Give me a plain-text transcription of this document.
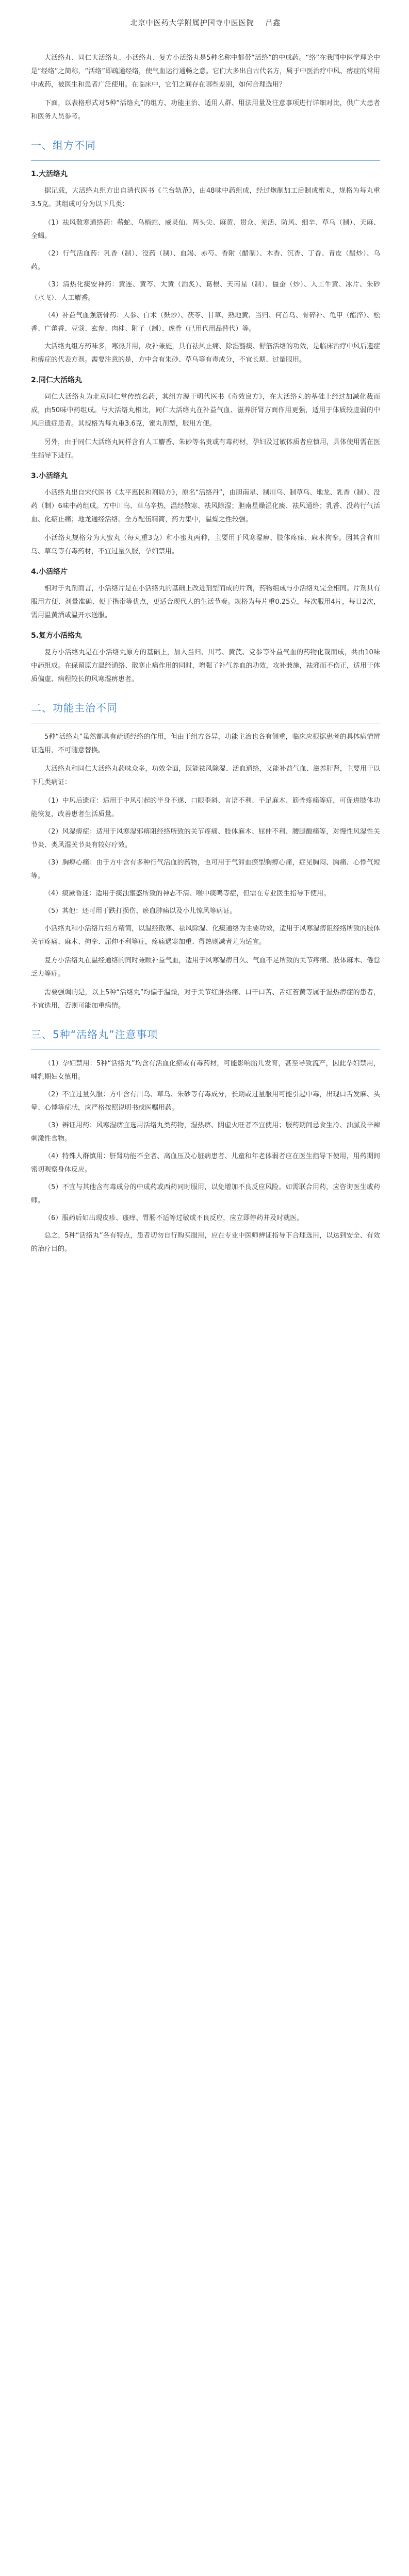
北京中医药大学附属护国寺中医医院 吕鑫

大活络丸、同仁大活络丸、小活络丸、复方小活络丸是5种名称中都带“活络”的中成药。“络”在我国中医学理论中是“经络”之简称，“活络”即疏通经络，使气血运行通畅之意。它们大多出自古代名方，属于中医治疗中风、痹症的常用中成药，被医生和患者广泛使用。在临床中，它们之间存在哪些差别，如何合理选用？

下面，以表格形式对5种“活络丸”的组方、功能主治、适用人群、用法用量及注意事项进行详细对比，供广大患者和医务人员参考。

一、组方不同
1.大活络丸

据记载，大活络丸组方出自清代医书《兰台轨范》，由48味中药组成，经过炮制加工后制成蜜丸，规格为每丸重3.5克。其组成可分为以下几类：

（1）祛风散寒通络药：蕲蛇、乌梢蛇、威灵仙、两头尖、麻黄、贯众、羌活、防风、细辛、草乌（制）、天麻、全蝎。
（2）行气活血药：乳香（制）、没药（制）、血竭、赤芍、香附（醋制）、木香、沉香、丁香、青皮（醋炒）、乌药。
（3）清热化痰安神药：黄连、黄芩、大黄（酒炙）、葛根、天南星（制）、僵蚕（炒）、人工牛黄、冰片、朱砂（水飞）、人工麝香。
（4）补益气血强筋骨药：人参、白术（麸炒）、茯苓、甘草、熟地黄、当归、何首乌、骨碎补、龟甲（醋淬）、松香、广藿香、豆蔻、玄参、肉桂、附子（制）、虎骨（已用代用品替代）等。

大活络丸组方药味多，寒热并用，攻补兼施，具有祛风止痛、除湿豁痰、舒筋活络的功效，是临床治疗中风后遗症和痹症的代表方剂。需要注意的是，方中含有朱砂、草乌等有毒成分，不宜长期、过量服用。

2.同仁大活络丸

同仁大活络丸为北京同仁堂传统名药，其组方源于明代医书《奇效良方》，在大活络丸的基础上经过加减化裁而成，由50味中药组成。与大活络丸相比，同仁大活络丸在补益气血、滋养肝肾方面作用更强，适用于体质较虚弱的中风后遗症患者。其规格为每丸重3.6克，蜜丸剂型，服用方便。

另外，由于同仁大活络丸同样含有人工麝香、朱砂等名贵或有毒药材，孕妇及过敏体质者应慎用，具体使用需在医生指导下进行。

3.小活络丸

小活络丸出自宋代医书《太平惠民和剂局方》，原名“活络丹”，由胆南星、制川乌、制草乌、地龙、乳香（制）、没药（制）6味中药组成。方中川乌、草乌辛热，温经散寒、祛风除湿；胆南星燥湿化痰、祛风通络；乳香、没药行气活血、化瘀止痛；地龙通经活络。全方配伍精简，药力集中，温燥之性较强。

小活络丸规格分为大蜜丸（每丸重3克）和小蜜丸两种，主要用于风寒湿痹、肢体疼痛、麻木拘挛。因其含有川乌、草乌等有毒药材，不宜过量久服，孕妇禁用。

4.小活络片

相对于丸剂而言，小活络片是在小活络丸的基础上改进剂型而成的片剂，药物组成与小活络丸完全相同。片剂具有服用方便、剂量准确、便于携带等优点，更适合现代人的生活节奏。规格为每片重0.25克，每次服用4片，每日2次，需用温黄酒或温开水送服。

5.复方小活络丸

复方小活络丸是在小活络丸原方的基础上，加入当归、川芎、黄芪、党参等补益气血的药物化裁而成，共由10味中药组成。在保留原方温经通络、散寒止痛作用的同时，增强了补气养血的功效，攻补兼施，祛邪而不伤正，适用于体质偏虚、病程较长的风寒湿痹患者。

二、功能主治不同

5种“活络丸”虽然都具有疏通经络的作用，但由于组方各异，功能主治也各有侧重，临床应根据患者的具体病情辨证选用，不可随意替换。

大活络丸和同仁大活络丸药味众多，功效全面，既能祛风除湿、活血通络，又能补益气血、滋养肝肾，主要用于以下几类病证：

（1）中风后遗症：适用于中风引起的半身不遂、口眼歪斜、言语不利、手足麻木、筋骨疼痛等症，可促进肢体功能恢复，改善患者生活质量。
（2）风湿痹症：适用于风寒湿邪痹阻经络所致的关节疼痛、肢体麻木、屈伸不利、腰腿酸痛等，对慢性风湿性关节炎、类风湿关节炎有较好疗效。
（3）胸痹心痛：由于方中含有多种行气活血的药物，也可用于气滞血瘀型胸痹心痛，症见胸闷、胸痛、心悸气短等。
（4）痰厥昏迷：适用于痰浊壅盛所致的神志不清、喉中痰鸣等症，但需在专业医生指导下使用。
（5）其他：还可用于跌打损伤、瘀血肿痛以及小儿惊风等病证。

小活络丸和小活络片组方精简，以温经散寒、祛风除湿、化痰通络为主要功效，适用于风寒湿痹阻经络所致的肢体关节疼痛、麻木、拘挛、屈伸不利等症，疼痛遇寒加重、得热则减者尤为适宜。

复方小活络丸在温经通络的同时兼顾补益气血，适用于风寒湿痹日久、气血不足所致的关节疼痛、肢体麻木、倦怠乏力等症。

需要强调的是，以上5种“活络丸”均偏于温燥，对于关节红肿热痛、口干口苦、舌红苔黄等属于湿热痹症的患者，不宜选用，否则可能加重病情。

三、5种“活络丸”注意事项
（1）孕妇禁用：5种“活络丸”均含有活血化瘀或有毒药材，可能影响胎儿发育，甚至导致流产，因此孕妇禁用，哺乳期妇女慎用。
（2）不宜过量久服：方中含有川乌、草乌、朱砂等有毒成分，长期或过量服用可能引起中毒，出现口舌发麻、头晕、心悸等症状，应严格按照说明书或医嘱用药。
（3）辨证用药：风寒湿痹宜选用活络丸类药物，湿热痹、阴虚火旺者不宜使用；服药期间忌食生冷、油腻及辛辣刺激性食物。
（4）特殊人群慎用：肝肾功能不全者、高血压及心脏病患者、儿童和年老体弱者应在医生指导下使用，用药期间密切观察身体反应。
（5）不宜与其他含有毒成分的中成药或西药同时服用，以免增加不良反应风险。如需联合用药，应咨询医生或药师。
（6）服药后如出现皮疹、瘙痒、胃肠不适等过敏或不良反应，应立即停药并及时就医。

总之，5种“活络丸”各有特点，患者切勿自行购买服用，应在专业中医师辨证指导下合理选用，以达到安全、有效的治疗目的。
